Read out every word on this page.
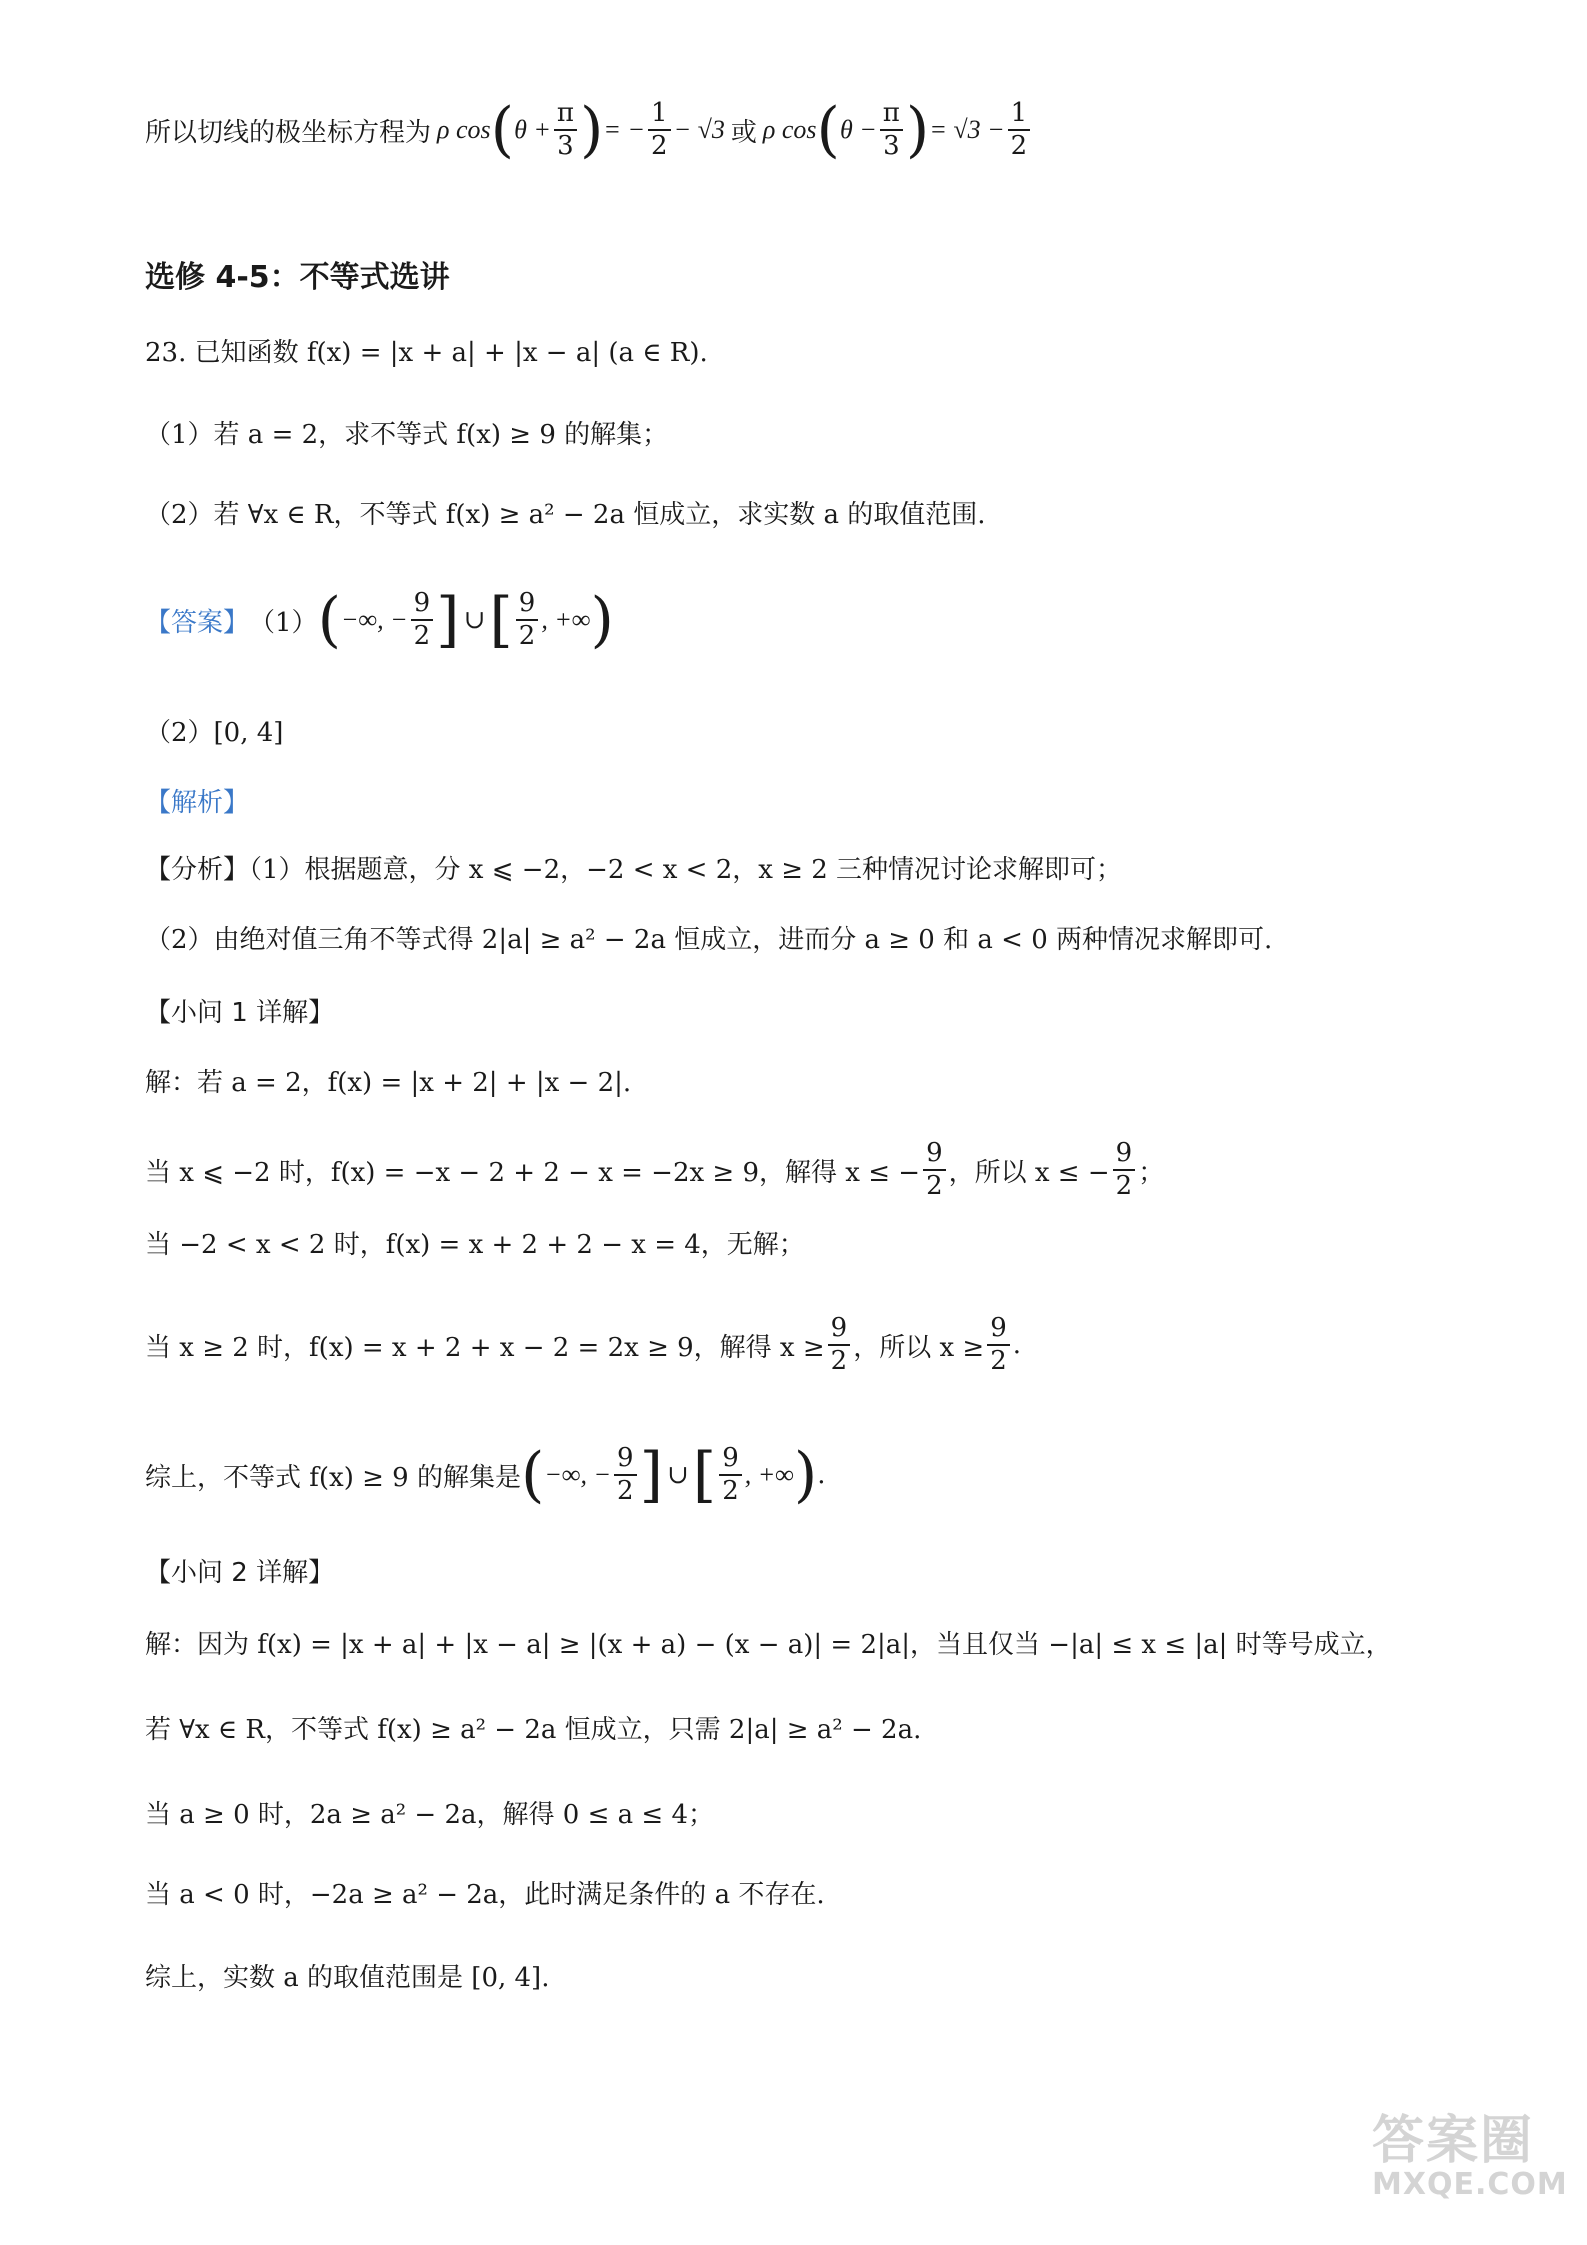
所以切线的极坐标方程为 ρ cos ( $\theta + \frac{\pi}{3}$ ) = − $\frac{1}{2} - √3$ 或 ρ cos ( $\theta - \frac{\pi}{3}$ ) = $√3 - \frac{1}{2}$
选修 4-5：不等式选讲
23. 已知函数 f(x) = |x + a| + |x − a| (a ∈ R).
（1）若 a = 2，求不等式 f(x) ≥ 9 的解集；
（2）若 ∀x ∈ R，不等式 f(x) ≥ a² − 2a 恒成立，求实数 a 的取值范围.
【答案】 （1） ( −∞, − $\frac{9}{2}$ ] ∪ [ $\frac{9}{2}$ , +∞ )
（2）[0, 4]
【解析】
【分析】（1）根据题意，分 x ⩽ −2，−2 < x < 2，x ≥ 2 三种情况讨论求解即可；
（2）由绝对值三角不等式得 2|a| ≥ a² − 2a 恒成立，进而分 a ≥ 0 和 a < 0 两种情况求解即可.
【小问 1 详解】
解：若 a = 2，f(x) = |x + 2| + |x − 2|.
当 x ⩽ −2 时，f(x) = −x − 2 + 2 − x = −2x ≥ 9，解得 x ≤ − $\frac{9}{2}$ ，所以 x ≤ − $\frac{9}{2}$ ；
当 −2 < x < 2 时，f(x) = x + 2 + 2 − x = 4，无解；
当 x ≥ 2 时，f(x) = x + 2 + x − 2 = 2x ≥ 9，解得 $x \ge \frac{9}{2}$ ，所以 $x \ge \frac{9}{2}$ .
综上，不等式 f(x) ≥ 9 的解集是 ( −∞, − $\frac{9}{2}$ ] ∪ [ $\frac{9}{2}$ , +∞ ) .
【小问 2 详解】
解：因为 f(x) = |x + a| + |x − a| ≥ |(x + a) − (x − a)| = 2|a|，当且仅当 −|a| ≤ x ≤ |a| 时等号成立，
若 ∀x ∈ R，不等式 f(x) ≥ a² − 2a 恒成立，只需 2|a| ≥ a² − 2a.
当 a ≥ 0 时，2a ≥ a² − 2a，解得 0 ≤ a ≤ 4；
当 a < 0 时，−2a ≥ a² − 2a，此时满足条件的 a 不存在.
综上，实数 a 的取值范围是 [0, 4].
答案圈
MXQE.COM
